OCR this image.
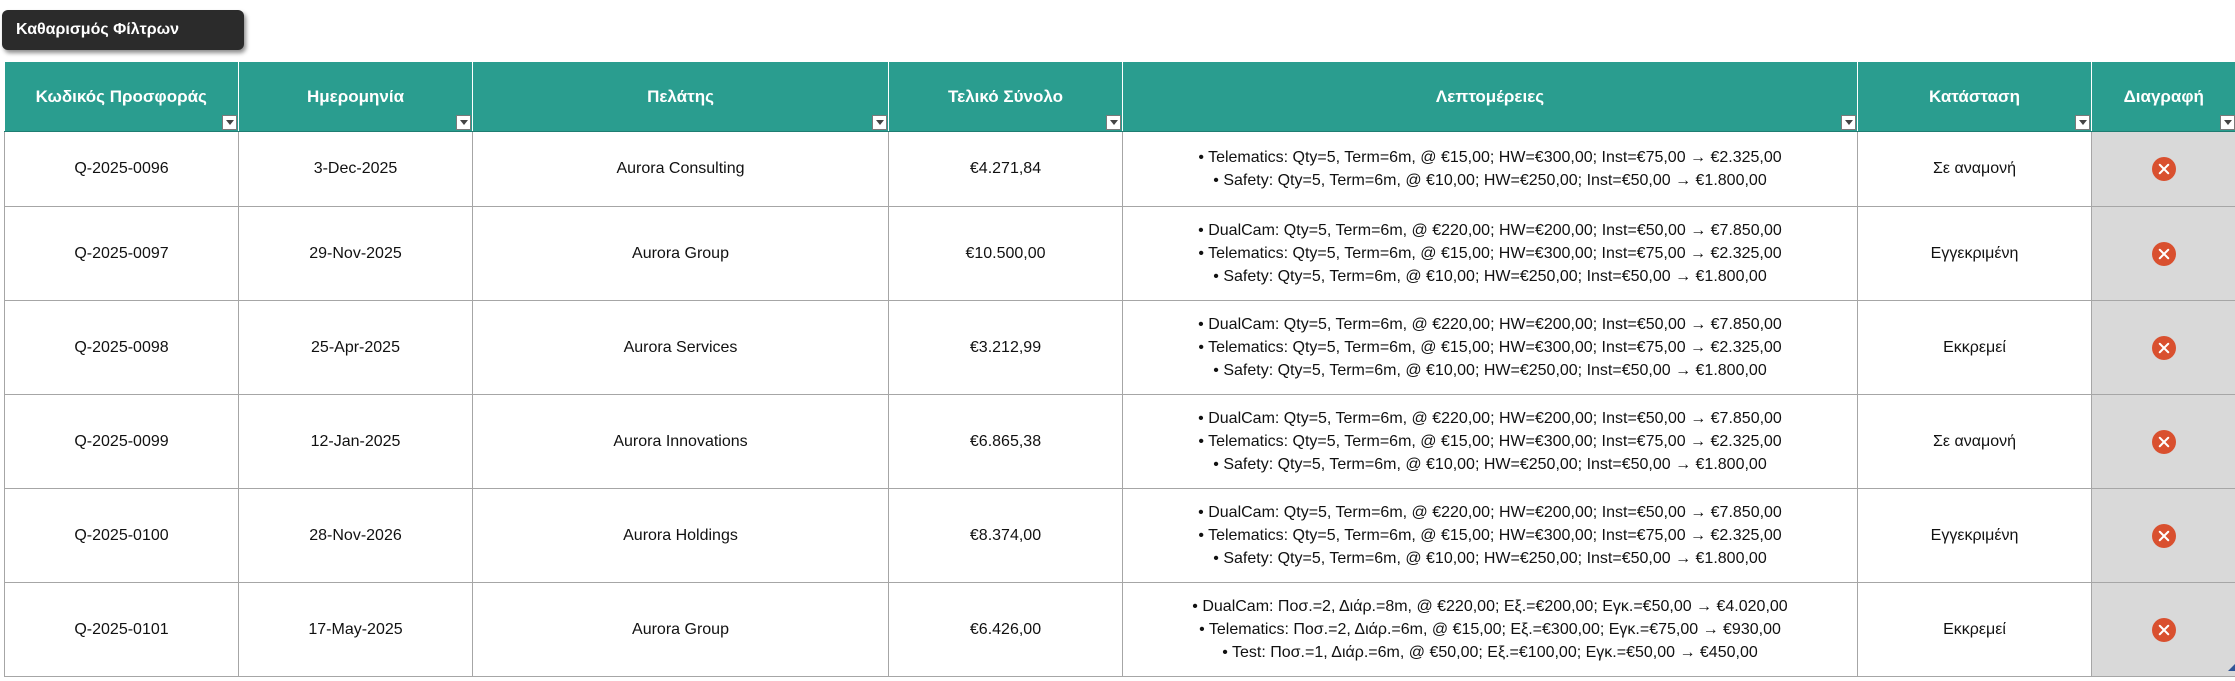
Καθαρισμός Φίλτρων
Κωδικός Προσφοράς	Ημερομηνία	Πελάτης	Τελικό Σύνολο	Λεπτομέρειες	Κατάσταση	Διαγραφή

Q-2025-0096	3-Dec-2025	Aurora Consulting	€4.271,84	• Telematics: Qty=5, Term=6m, @ €15,00; HW=€300,00; Inst=€75,00 → €2.325,00
• Safety: Qty=5, Term=6m, @ €10,00; HW=€250,00; Inst=€50,00 → €1.800,00	Σε αναμονή	
Q-2025-0097	29-Nov-2025	Aurora Group	€10.500,00	• DualCam: Qty=5, Term=6m, @ €220,00; HW=€200,00; Inst=€50,00 → €7.850,00
• Telematics: Qty=5, Term=6m, @ €15,00; HW=€300,00; Inst=€75,00 → €2.325,00
• Safety: Qty=5, Term=6m, @ €10,00; HW=€250,00; Inst=€50,00 → €1.800,00	Εγγεκριμένη	
Q-2025-0098	25-Apr-2025	Aurora Services	€3.212,99	• DualCam: Qty=5, Term=6m, @ €220,00; HW=€200,00; Inst=€50,00 → €7.850,00
• Telematics: Qty=5, Term=6m, @ €15,00; HW=€300,00; Inst=€75,00 → €2.325,00
• Safety: Qty=5, Term=6m, @ €10,00; HW=€250,00; Inst=€50,00 → €1.800,00	Εκκρεμεί	
Q-2025-0099	12-Jan-2025	Aurora Innovations	€6.865,38	• DualCam: Qty=5, Term=6m, @ €220,00; HW=€200,00; Inst=€50,00 → €7.850,00
• Telematics: Qty=5, Term=6m, @ €15,00; HW=€300,00; Inst=€75,00 → €2.325,00
• Safety: Qty=5, Term=6m, @ €10,00; HW=€250,00; Inst=€50,00 → €1.800,00	Σε αναμονή	
Q-2025-0100	28-Nov-2026	Aurora Holdings	€8.374,00	• DualCam: Qty=5, Term=6m, @ €220,00; HW=€200,00; Inst=€50,00 → €7.850,00
• Telematics: Qty=5, Term=6m, @ €15,00; HW=€300,00; Inst=€75,00 → €2.325,00
• Safety: Qty=5, Term=6m, @ €10,00; HW=€250,00; Inst=€50,00 → €1.800,00	Εγγεκριμένη	
Q-2025-0101	17-May-2025	Aurora Group	€6.426,00	• DualCam: Ποσ.=2, Διάρ.=8m, @ €220,00; Εξ.=€200,00; Εγκ.=€50,00 → €4.020,00
• Telematics: Ποσ.=2, Διάρ.=6m, @ €15,00; Εξ.=€300,00; Εγκ.=€75,00 → €930,00
• Test: Ποσ.=1, Διάρ.=6m, @ €50,00; Εξ.=€100,00; Εγκ.=€50,00 → €450,00	Εκκρεμεί	
